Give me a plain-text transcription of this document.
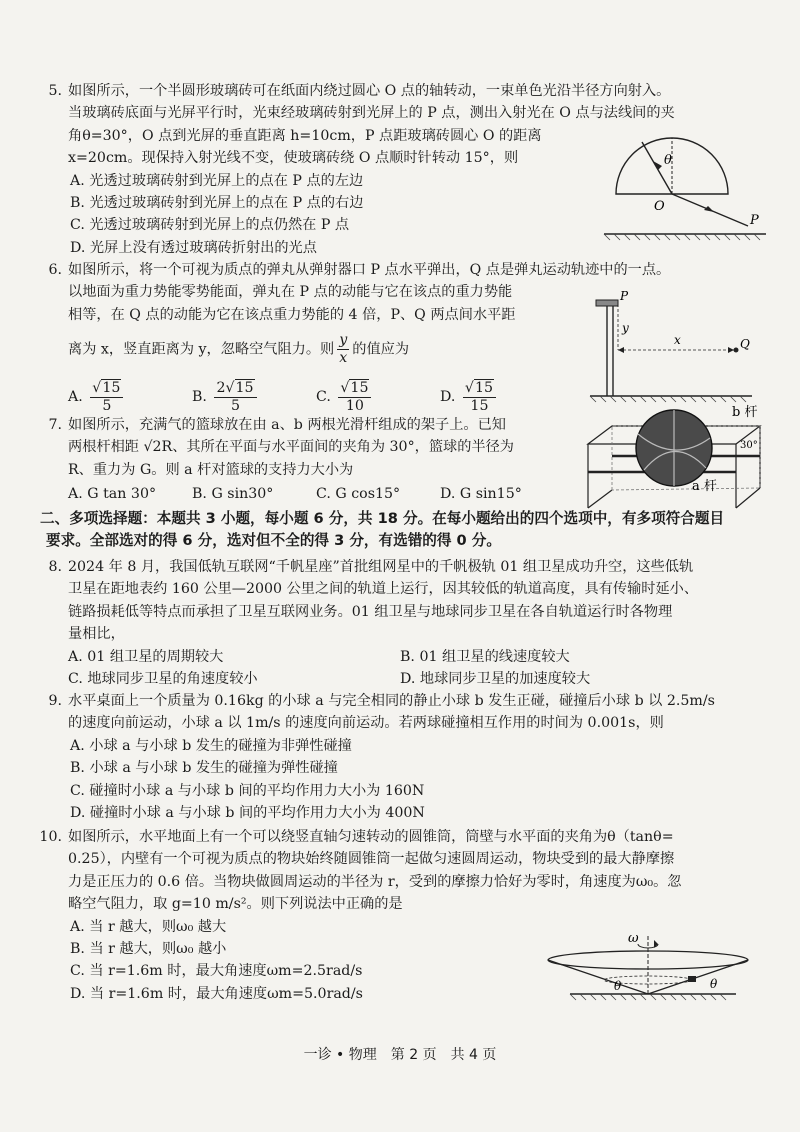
5. 如图所示，一个半圆形玻璃砖可在纸面内绕过圆心 O 点的轴转动，一束单色光沿半径方向射入。
当玻璃砖底面与光屏平行时，光束经玻璃砖射到光屏上的 P 点，测出入射光在 O 点与法线间的夹
角θ=30°，O 点到光屏的垂直距离 h=10cm，P 点距玻璃砖圆心 O 的距离
x=20cm。现保持入射光线不变，使玻璃砖绕 O 点顺时针转动 15°，则
A. 光透过玻璃砖射到光屏上的点在 P 点的左边
B. 光透过玻璃砖射到光屏上的点在 P 点的右边
C. 光透过玻璃砖射到光屏上的点仍然在 P 点
D. 光屏上没有透过玻璃砖折射出的光点
θ
O
P
6. 如图所示，将一个可视为质点的弹丸从弹射器口 P 点水平弹出，Q 点是弹丸运动轨迹中的一点。
以地面为重力势能零势能面，弹丸在 P 点的动能与它在该点的重力势能
相等，在 Q 点的动能为它在该点重力势能的 4 倍，P、Q 两点间水平距
离为 x，竖直距离为 y，忽略空气阻力。则 $\frac{y}{x}$ 的值应为
A. $\frac{√15}{5}$	B. $\frac{2√15}{5}$	C. $\frac{√15}{10}$	D. $\frac{√15}{15}$
P
y
x	Q
7. 如图所示，充满气的篮球放在由 a、b 两根光滑杆组成的架子上。已知
两根杆相距 √2R、其所在平面与水平面间的夹角为 30°，篮球的半径为
R、重力为 G。则 a 杆对篮球的支持力大小为
A. G tan 30°	B. G sin30°	C. G cos15°	D. G sin15°
b 杆
30°
a 杆
二、多项选择题：本题共 3 小题，每小题 6 分，共 18 分。在每小题给出的四个选项中，有多项符合题目
要求。全部选对的得 6 分，选对但不全的得 3 分，有选错的得 0 分。
8. 2024 年 8 月，我国低轨互联网“千帆星座”首批组网星中的千帆极轨 01 组卫星成功升空，这些低轨
卫星在距地表约 160 公里—2000 公里之间的轨道上运行，因其较低的轨道高度，具有传输时延小、
链路损耗低等特点而承担了卫星互联网业务。01 组卫星与地球同步卫星在各自轨道运行时各物理
量相比，
A. 01 组卫星的周期较大	B. 01 组卫星的线速度较大
C. 地球同步卫星的角速度较小	D. 地球同步卫星的加速度较大
9. 水平桌面上一个质量为 0.16kg 的小球 a 与完全相同的静止小球 b 发生正碰，碰撞后小球 b 以 2.5m/s
的速度向前运动，小球 a 以 1m/s 的速度向前运动。若两球碰撞相互作用的时间为 0.001s，则
A. 小球 a 与小球 b 发生的碰撞为非弹性碰撞
B. 小球 a 与小球 b 发生的碰撞为弹性碰撞
C. 碰撞时小球 a 与小球 b 间的平均作用力大小为 160N
D. 碰撞时小球 a 与小球 b 间的平均作用力大小为 400N
10. 如图所示，水平地面上有一个可以绕竖直轴匀速转动的圆锥筒，筒壁与水平面的夹角为θ（tanθ=
0.25），内壁有一个可视为质点的物块始终随圆锥筒一起做匀速圆周运动，物块受到的最大静摩擦
力是正压力的 0.6 倍。当物块做圆周运动的半径为 r，受到的摩擦力恰好为零时，角速度为ω₀。忽
略空气阻力，取 g=10 m/s²。则下列说法中正确的是
A. 当 r 越大，则ω₀ 越大
B. 当 r 越大，则ω₀ 越小
C. 当 r=1.6m 时，最大角速度ωm=2.5rad/s
D. 当 r=1.6m 时，最大角速度ωm=5.0rad/s
ω
θ	θ
一诊 • 物理　第 2 页　共 4 页
